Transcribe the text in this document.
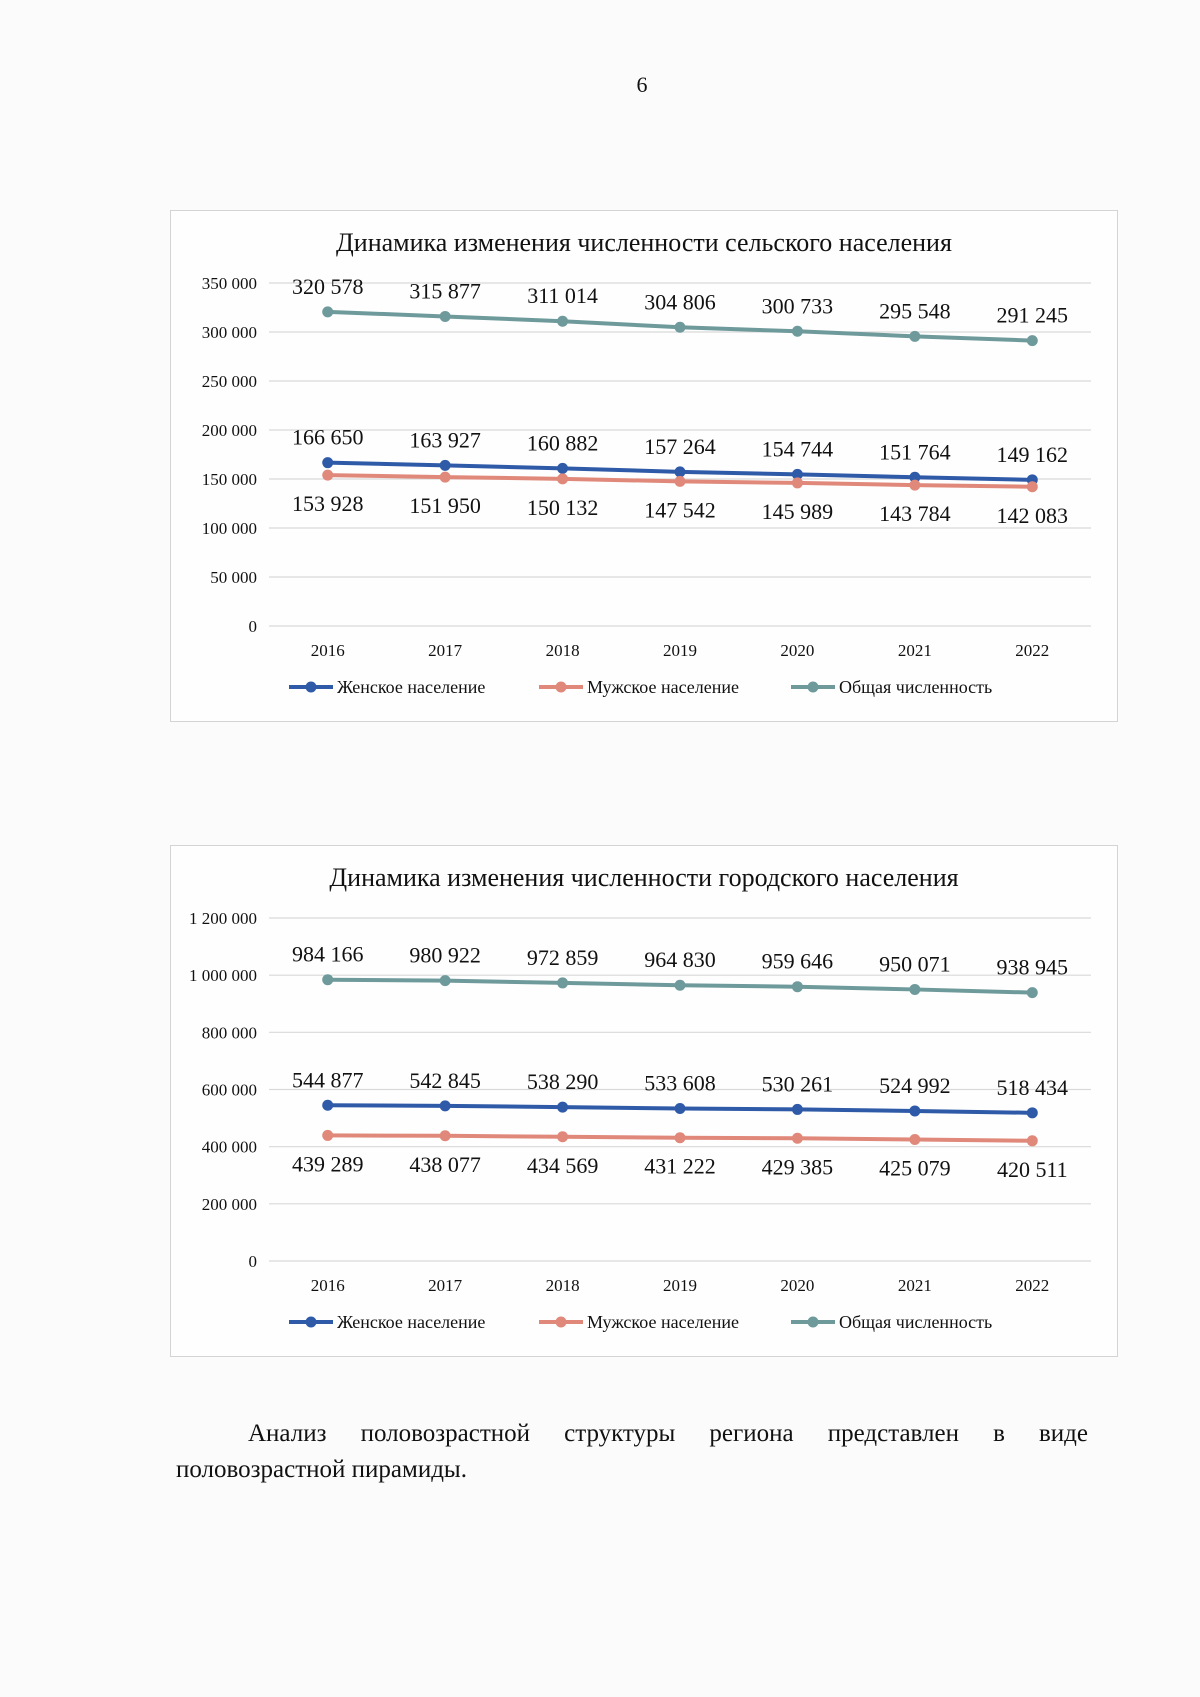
6
Динамика изменения численности сельского населения
0
50 000
100 000
150 000
200 000
250 000
300 000
350 000
2016	2017	2018	2019	2020	2021	2022
166 650 163 927 160 882 157 264 154 744 151 764 149 162
153 928 151 950 150 132 147 542 145 989 143 784 142 083
320 578 315 877 311 014 304 806 300 733 295 548 291 245
Женское население	Мужское население	Общая численность
Динамика изменения численности городского населения
0
200 000
400 000
600 000
800 000
1 000 000
1 200 000
2016	2017	2018	2019	2020	2021	2022
544 877 542 845 538 290 533 608 530 261 524 992 518 434
439 289 438 077 434 569 431 222 429 385 425 079 420 511
984 166 980 922 972 859 964 830 959 646 950 071 938 945
Женское население	Мужское население	Общая численность
Анализ половозрастной структуры региона представлен в виде половозрастной пирамиды.
